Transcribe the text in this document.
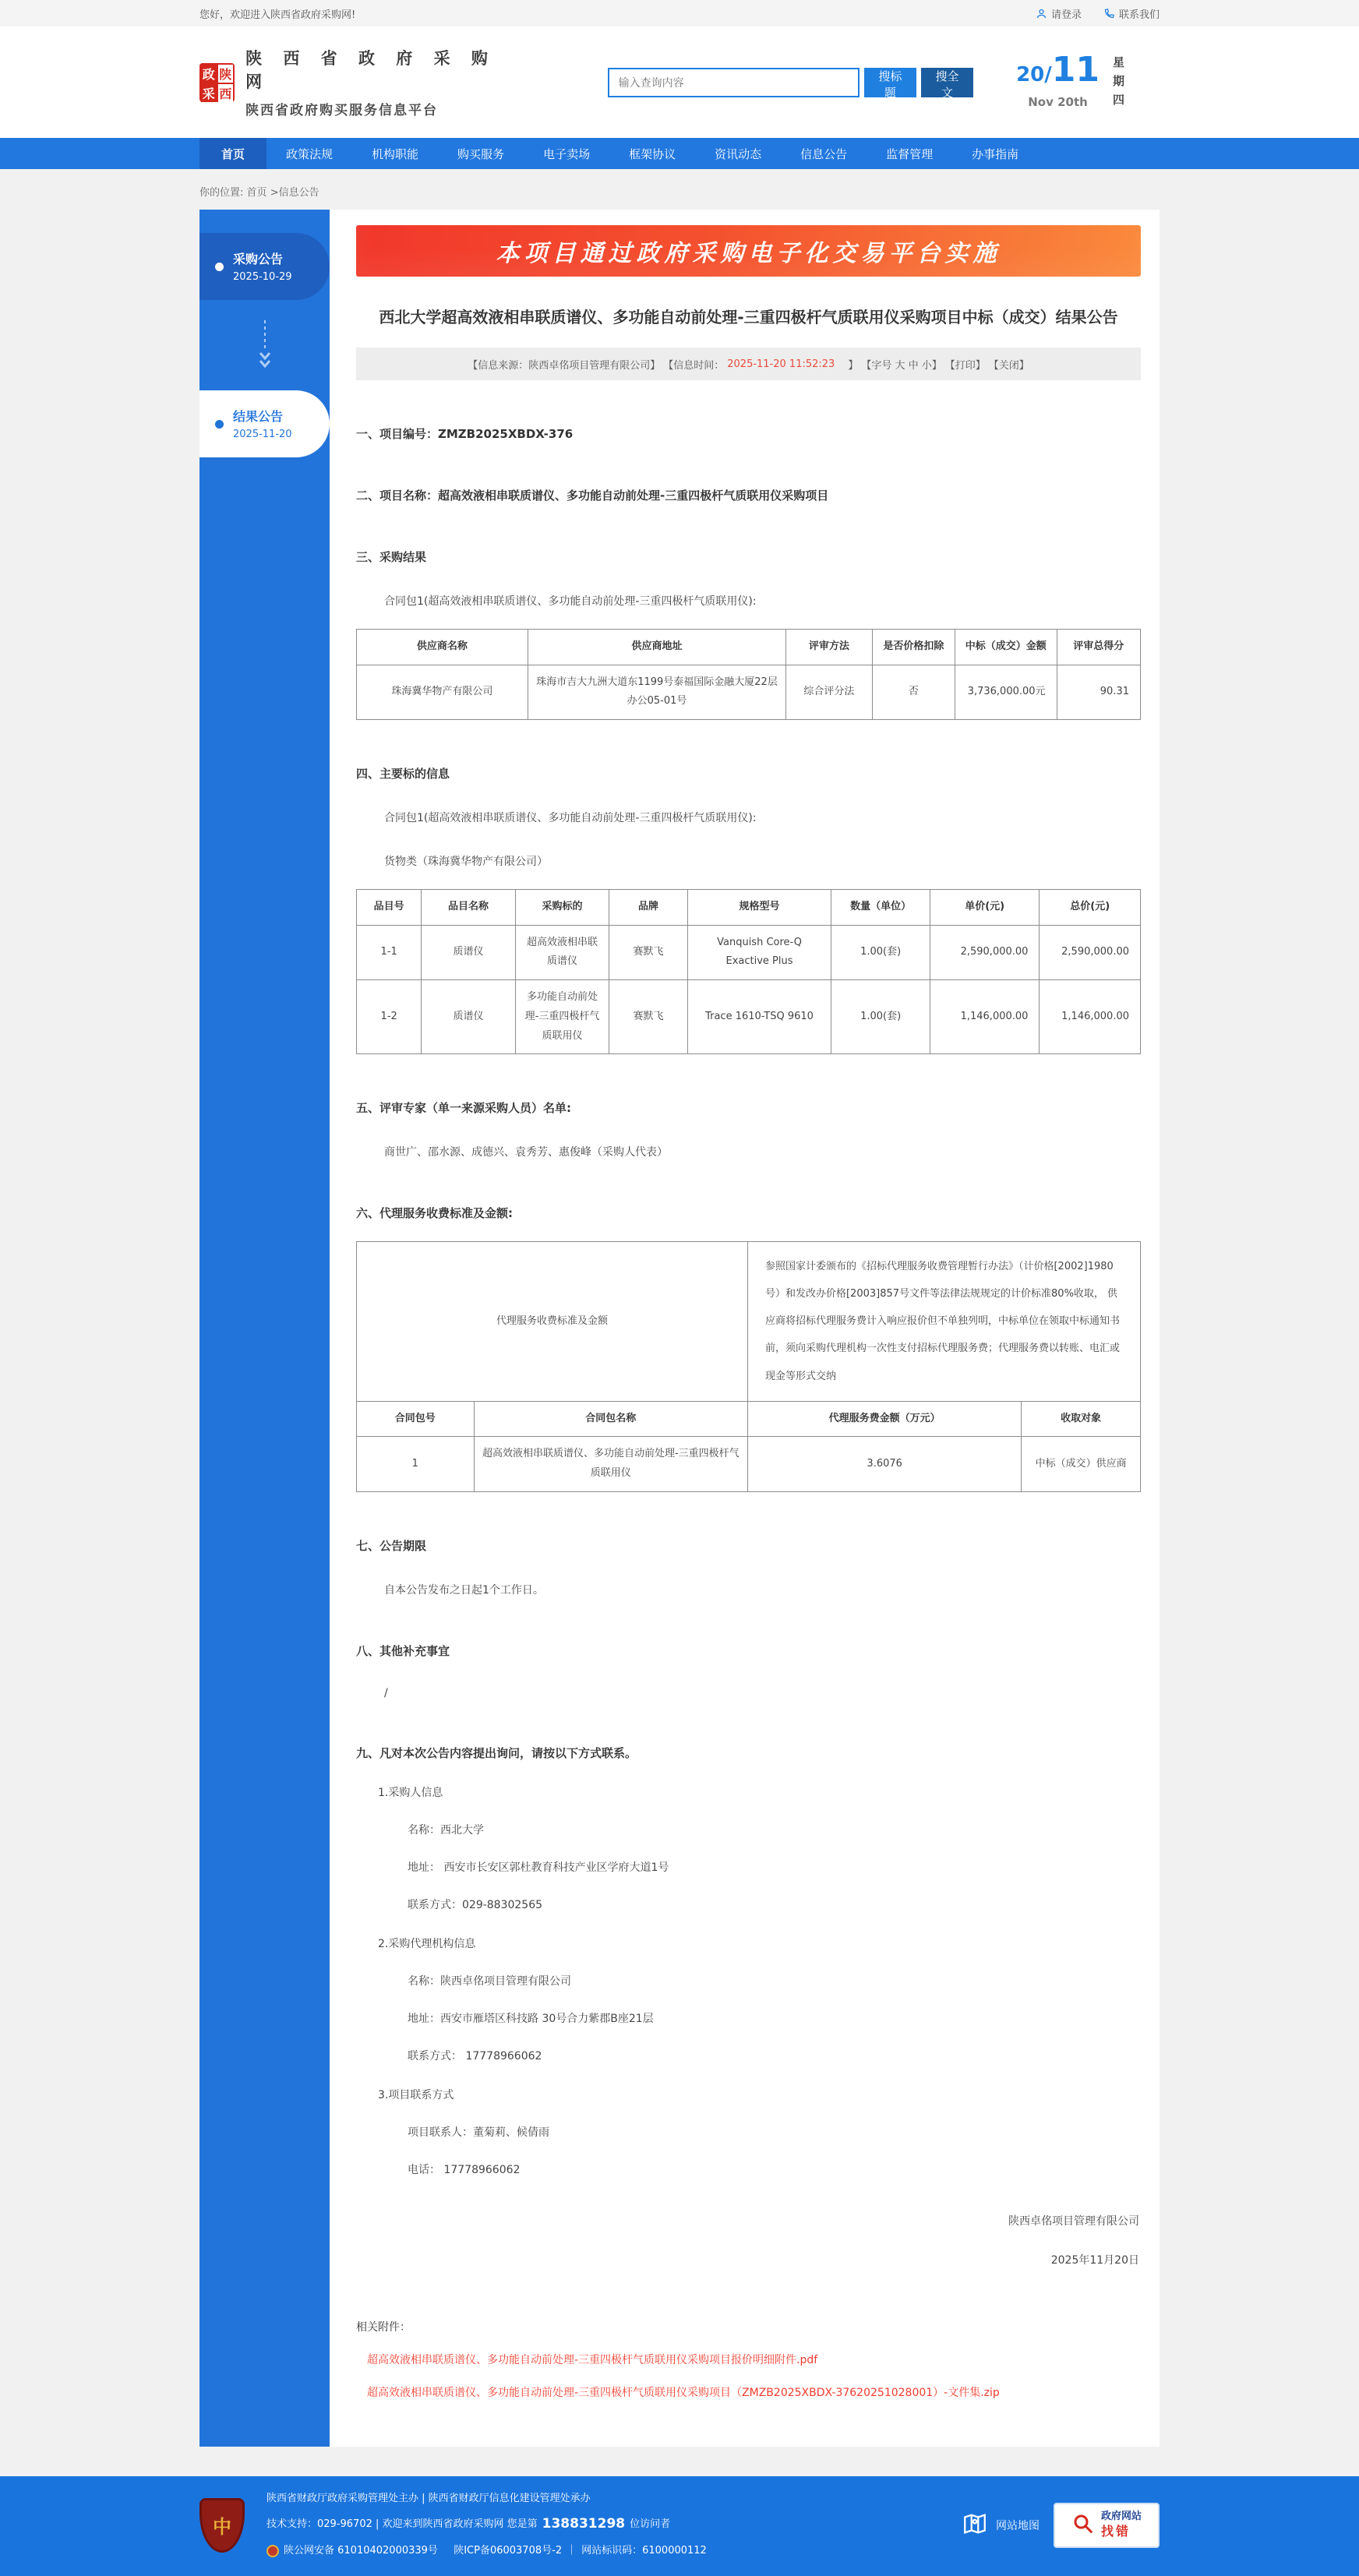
您好，欢迎进入陕西省政府采购网!	请登录	联系我们
政 陕
采 西
陕 西 省 政 府 采 购 网
陕西省政府购买服务信息平台
输入查询内容
搜标题
搜全文
20/11
Nov 20th	星期四
首页	政策法规	机构职能	购买服务	电子卖场	框架协议	资讯动态	信息公告	监督管理	办事指南
你的位置: 首页 >信息公告
采购公告
2025-10-29
结果公告
2025-11-20
本项目通过政府采购电子化交易平台实施
西北大学超高效液相串联质谱仪、多功能自动前处理-三重四极杆气质联用仪采购项目中标（成交）结果公告
【信息来源：陕西卓佲项目管理有限公司】 【信息时间： 2025-11-20 11:52:23 　】 【字号 大 中 小】 【打印】 【关闭】
一、项目编号：ZMZB2025XBDX-376
二、项目名称：超高效液相串联质谱仪、多功能自动前处理-三重四极杆气质联用仪采购项目
三、采购结果
合同包1(超高效液相串联质谱仪、多功能自动前处理-三重四极杆气质联用仪):
供应商名称	供应商地址	评审方法	是否价格扣除	中标（成交）金额	评审总得分
珠海冀华物产有限公司	珠海市吉大九洲大道东1199号泰福国际金融大厦22层办公05-01号	综合评分法	否	3,736,000.00元	90.31
四、主要标的信息
合同包1(超高效液相串联质谱仪、多功能自动前处理-三重四极杆气质联用仪):
货物类（珠海冀华物产有限公司）
品目号	品目名称	采购标的	品牌	规格型号	数量（单位）	单价(元)	总价(元)
1-1	质谱仪	超高效液相串联质谱仪	赛默飞	Vanquish Core-Q Exactive Plus	1.00(套)	2,590,000.00	2,590,000.00
1-2	质谱仪	多功能自动前处理-三重四极杆气质联用仪	赛默飞	Trace 1610-TSQ 9610	1.00(套)	1,146,000.00	1,146,000.00
五、评审专家（单一来源采购人员）名单:
商世广、邵水源、成德兴、袁秀芳、惠俊峰（采购人代表）
六、代理服务收费标准及金额:
代理服务收费标准及金额		参照国家计委颁布的《招标代理服务收费管理暂行办法》（计价格[2002]1980号）和发改办价格[2003]857号文件等法律法规规定的计价标准80%收取， 供应商将招标代理服务费计入响应报价但不单独列明，中标单位在领取中标通知书前，须向采购代理机构一次性支付招标代理服务费；代理服务费以转账、电汇或现金等形式交纳	
合同包号	合同包名称	代理服务费金额（万元）	收取对象
1	超高效液相串联质谱仪、多功能自动前处理-三重四极杆气质联用仪	3.6076	中标（成交）供应商
七、公告期限
自本公告发布之日起1个工作日。
八、其他补充事宜
/
九、凡对本次公告内容提出询问，请按以下方式联系。
1.采购人信息
名称：西北大学
地址： 西安市长安区郭杜教育科技产业区学府大道1号
联系方式：029-88302565
2.采购代理机构信息
名称：陕西卓佲项目管理有限公司
地址：西安市雁塔区科技路 30号合力紫郡B座21层
联系方式： 17778966062
3.项目联系方式
项目联系人：董菊莉、候倩雨
电话： 17778966062
陕西卓佲项目管理有限公司
2025年11月20日
相关附件：
超高效液相串联质谱仪、多功能自动前处理-三重四极杆气质联用仪采购项目报价明细附件.pdf
超高效液相串联质谱仪、多功能自动前处理-三重四极杆气质联用仪采购项目（ZMZB2025XBDX-37620251028001）-文件集.zip
中
陕西省财政厅政府采购管理处主办 | 陕西省财政厅信息化建设管理处承办
技术支持：029-96702 | 欢迎来到陕西省政府采购网 您是第 138831298 位访问者
陕公网安备 61010402000339号
陕ICP备06003708号-2 ｜ 网站标识码：6100000112
网站地图
政府网站
找错
